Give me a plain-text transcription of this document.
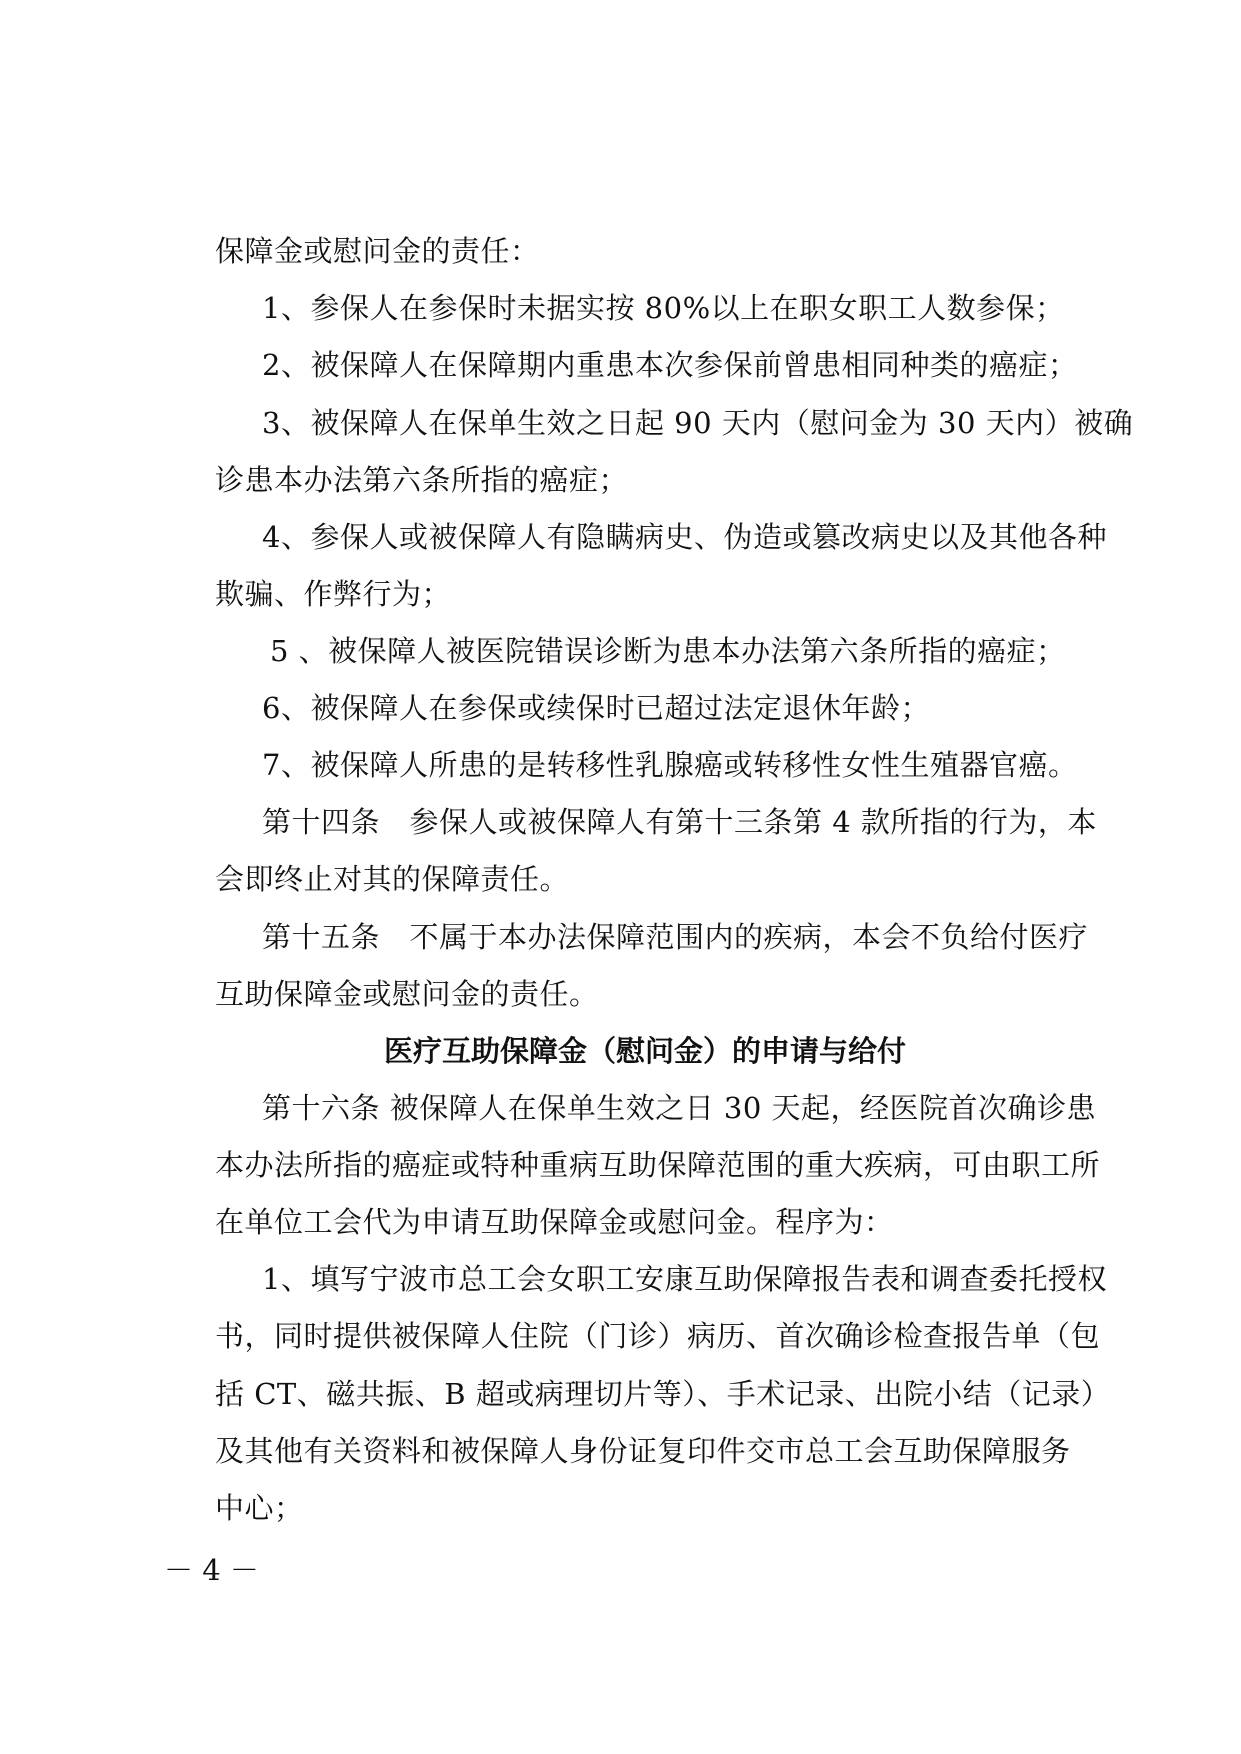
保障金或慰问金的责任：
1、参保人在参保时未据实按 80%以上在职女职工人数参保；
2、被保障人在保障期内重患本次参保前曾患相同种类的癌症；
3、被保障人在保单生效之日起 90 天内（慰问金为 30 天内）被确
诊患本办法第六条所指的癌症；
4、参保人或被保障人有隐瞒病史、伪造或篡改病史以及其他各种
欺骗、作弊行为；
5 、被保障人被医院错误诊断为患本办法第六条所指的癌症；
6、被保障人在参保或续保时已超过法定退休年龄；
7、被保障人所患的是转移性乳腺癌或转移性女性生殖器官癌。
第十四条　参保人或被保障人有第十三条第 4 款所指的行为，本
会即终止对其的保障责任。
第十五条　不属于本办法保障范围内的疾病，本会不负给付医疗
互助保障金或慰问金的责任。
医疗互助保障金（慰问金）的申请与给付
第十六条 被保障人在保单生效之日 30 天起，经医院首次确诊患
本办法所指的癌症或特种重病互助保障范围的重大疾病，可由职工所
在单位工会代为申请互助保障金或慰问金。程序为：
1、填写宁波市总工会女职工安康互助保障报告表和调查委托授权
书，同时提供被保障人住院（门诊）病历、首次确诊检查报告单（包
括 CT、磁共振、B 超或病理切片等）、手术记录、出院小结（记录）
及其他有关资料和被保障人身份证复印件交市总工会互助保障服务
中心；
－ 4 －
